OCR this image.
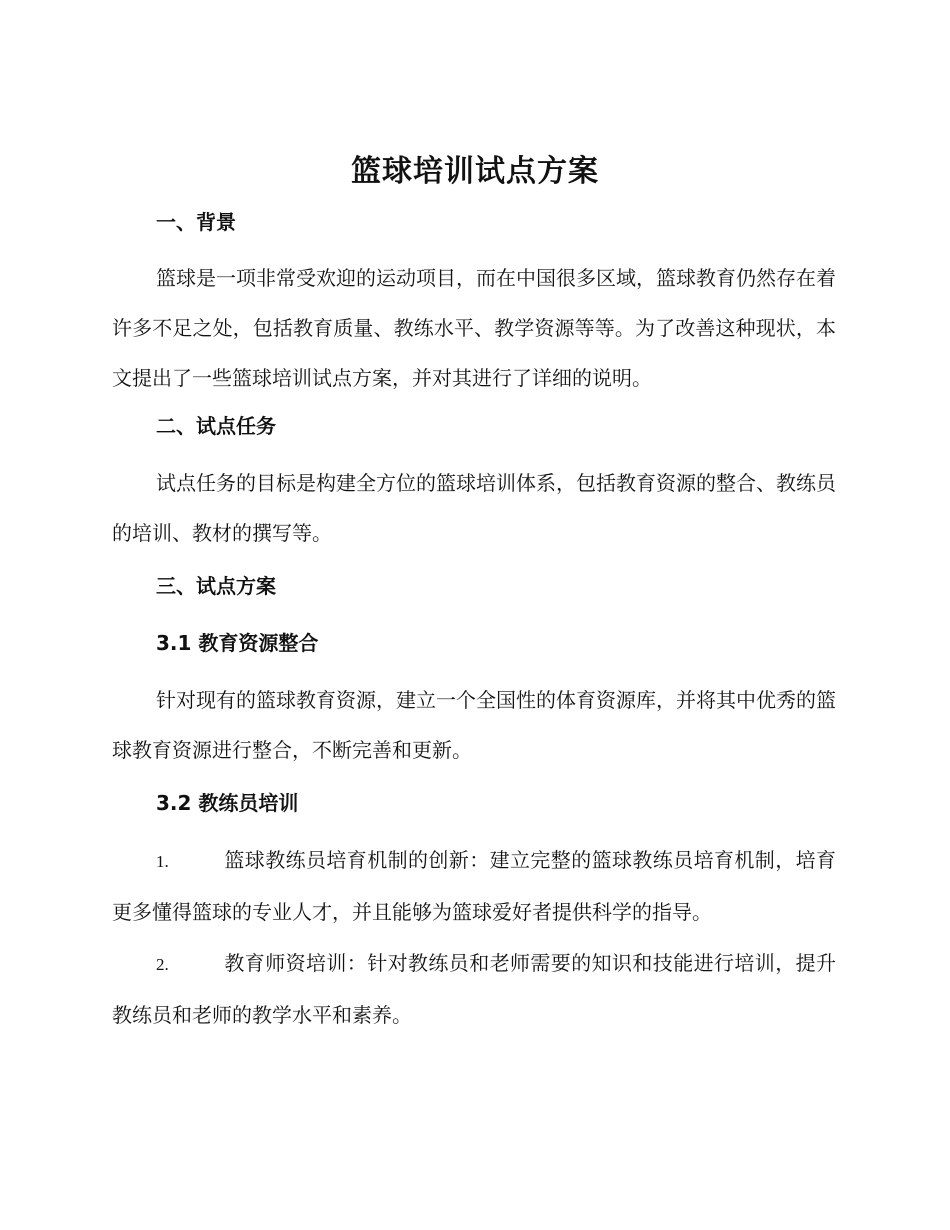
篮球培训试点方案
一、背景

篮球是一项非常受欢迎的运动项目，而在中国很多区域，篮球教育仍然存在着许多不足之处，包括教育质量、教练水平、教学资源等等。为了改善这种现状，本文提出了一些篮球培训试点方案，并对其进行了详细的说明。

二、试点任务

试点任务的目标是构建全方位的篮球培训体系，包括教育资源的整合、教练员的培训、教材的撰写等。

三、试点方案
3.1 教育资源整合

针对现有的篮球教育资源，建立一个全国性的体育资源库，并将其中优秀的篮球教育资源进行整合，不断完善和更新。

3.2 教练员培训

1.	篮球教练员培育机制的创新：建立完整的篮球教练员培育机制，培育更多懂得篮球的专业人才，并且能够为篮球爱好者提供科学的指导。

2.	教育师资培训：针对教练员和老师需要的知识和技能进行培训，提升教练员和老师的教学水平和素养。
